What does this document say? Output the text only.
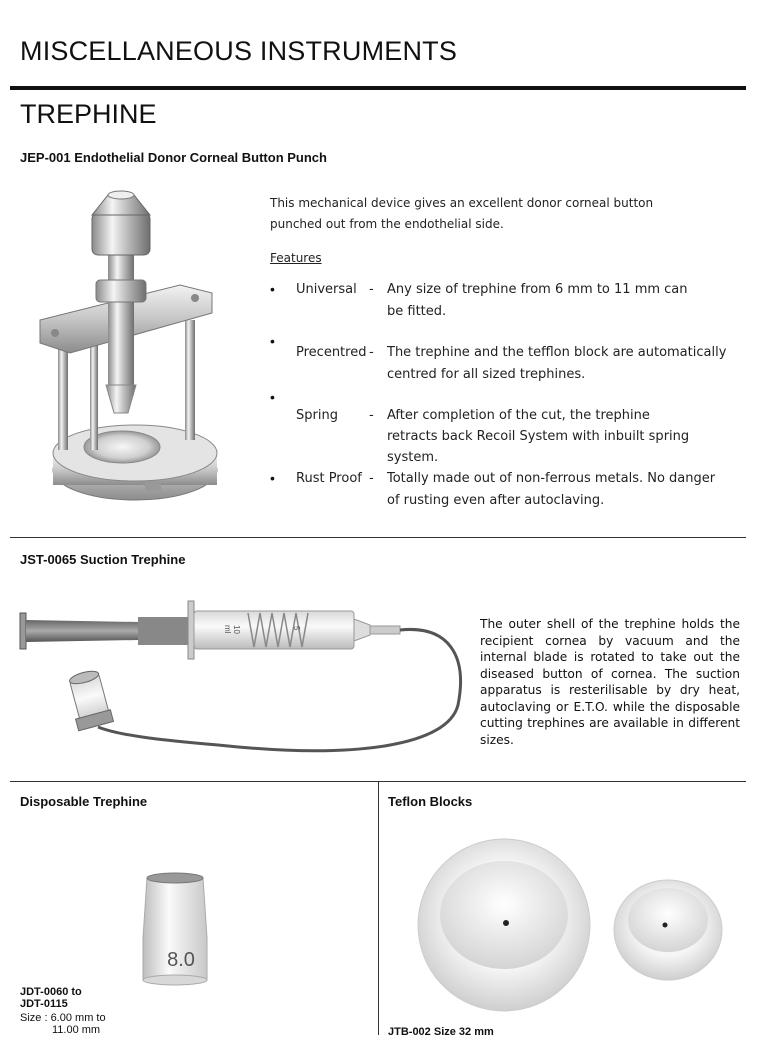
MISCELLANEOUS INSTRUMENTS
TREPHINE
JEP-001 Endothelial Donor Corneal Button Punch
This mechanical device gives an excellent donor corneal button
punched out from the endothelial side.
Features
• Universal - Any size of trephine from 6 mm to 11 mm can
be fitted.
•
Precentred - The trephine and the tefflon block are automatically
centred for all sized trephines.
•
Spring - After completion of the cut, the trephine
retracts back Recoil System with inbuilt spring
system.
• Rust Proof - Totally made out of non-ferrous metals. No danger
of rusting even after autoclaving.
JST-0065 Suction Trephine
10
ml	5	The outer shell of the trephine holds the recipient cornea by vacuum and the internal blade is rotated to take out the diseased button of cornea. The suction apparatus is resterilisable by dry heat, autoclaving or E.T.O. while the disposable cutting trephines are available in different sizes.
Disposable Trephine
8.0
JDT-0060 to
JDT-0115
Size : 6.00 mm to
11.00 mm
Teflon Blocks
JTB-002 Size 32 mm
